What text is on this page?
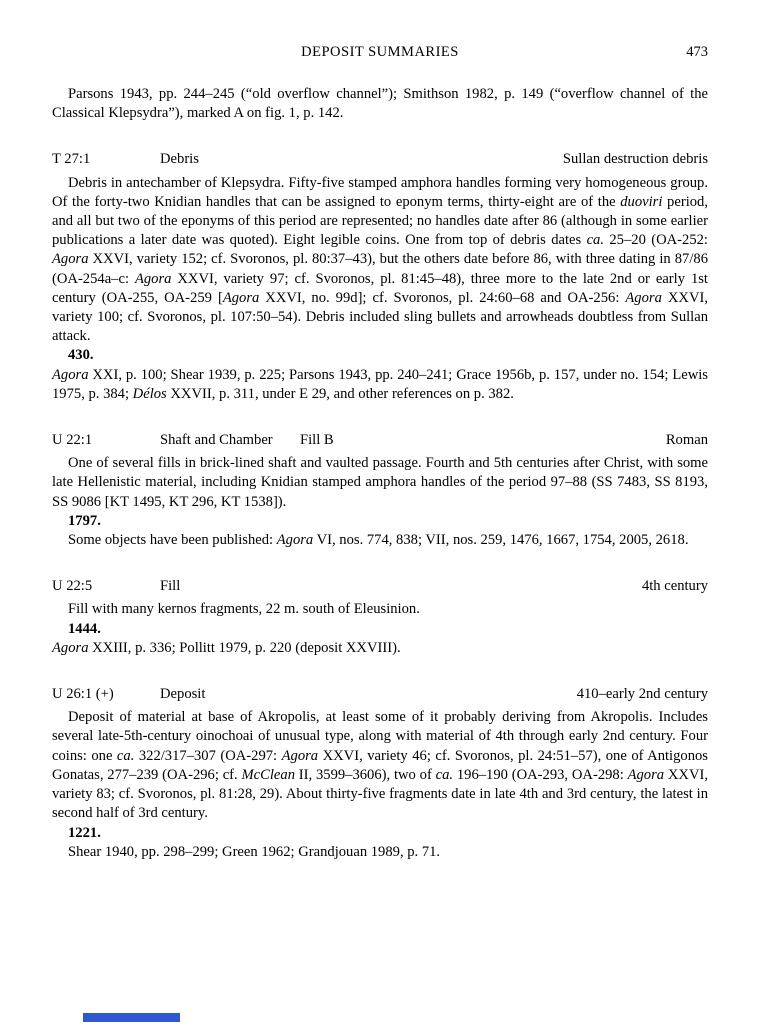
DEPOSIT SUMMARIES	473

Parsons 1943, pp. 244–245 (“old overflow channel”); Smithson 1982, p. 149 (“overflow channel of the Classical Klepsydra”), marked A on fig. 1, p. 142.

T 27:1	Debris	Sullan destruction debris

Debris in antechamber of Klepsydra. Fifty-five stamped amphora handles forming very homogeneous group. Of the forty-two Knidian handles that can be assigned to eponym terms, thirty-eight are of the duoviri period, and all but two of the eponyms of this period are represented; no handles date after 86 (although in some earlier publications a later date was quoted). Eight legible coins. One from top of debris dates ca. 25–20 (OA-252: Agora XXVI, variety 152; cf. Svoronos, pl. 80:37–43), but the others date before 86, with three dating in 87/86 (OA-254a–c: Agora XXVI, variety 97; cf. Svoronos, pl. 81:45–48), three more to the late 2nd or early 1st century (OA-255, OA-259 [Agora XXVI, no. 99d]; cf. Svoronos, pl. 24:60–68 and OA-256: Agora XXVI, variety 100; cf. Svoronos, pl. 107:50–54). Debris included sling bullets and arrowheads doubtless from Sullan attack.

430.

Agora XXI, p. 100; Shear 1939, p. 225; Parsons 1943, pp. 240–241; Grace 1956b, p. 157, under no. 154; Lewis 1975, p. 384; Délos XXVII, p. 311, under E 29, and other references on p. 382.

U 22:1	Shaft and Chamber	Fill B	Roman

One of several fills in brick-lined shaft and vaulted passage. Fourth and 5th centuries after Christ, with some late Hellenistic material, including Knidian stamped amphora handles of the period 97–88 (SS 7483, SS 8193, SS 9086 [KT 1495, KT 296, KT 1538]).

1797.

Some objects have been published: Agora VI, nos. 774, 838; VII, nos. 259, 1476, 1667, 1754, 2005, 2618.

U 22:5	Fill	4th century

Fill with many kernos fragments, 22 m. south of Eleusinion.

1444.

Agora XXIII, p. 336; Pollitt 1979, p. 220 (deposit XXVIII).

U 26:1 (+)	Deposit	410–early 2nd century

Deposit of material at base of Akropolis, at least some of it probably deriving from Akropolis. Includes several late-5th-century oinochoai of unusual type, along with material of 4th through early 2nd century. Four coins: one ca. 322/317–307 (OA-297: Agora XXVI, variety 46; cf. Svoronos, pl. 24:51–57), one of Antigonos Gonatas, 277–239 (OA-296; cf. McClean II, 3599–3606), two of ca. 196–190 (OA-293, OA-298: Agora XXVI, variety 83; cf. Svoronos, pl. 81:28, 29). About thirty-five fragments date in late 4th and 3rd century, the latest in second half of 3rd century.

1221.

Shear 1940, pp. 298–299; Green 1962; Grandjouan 1989, p. 71.
